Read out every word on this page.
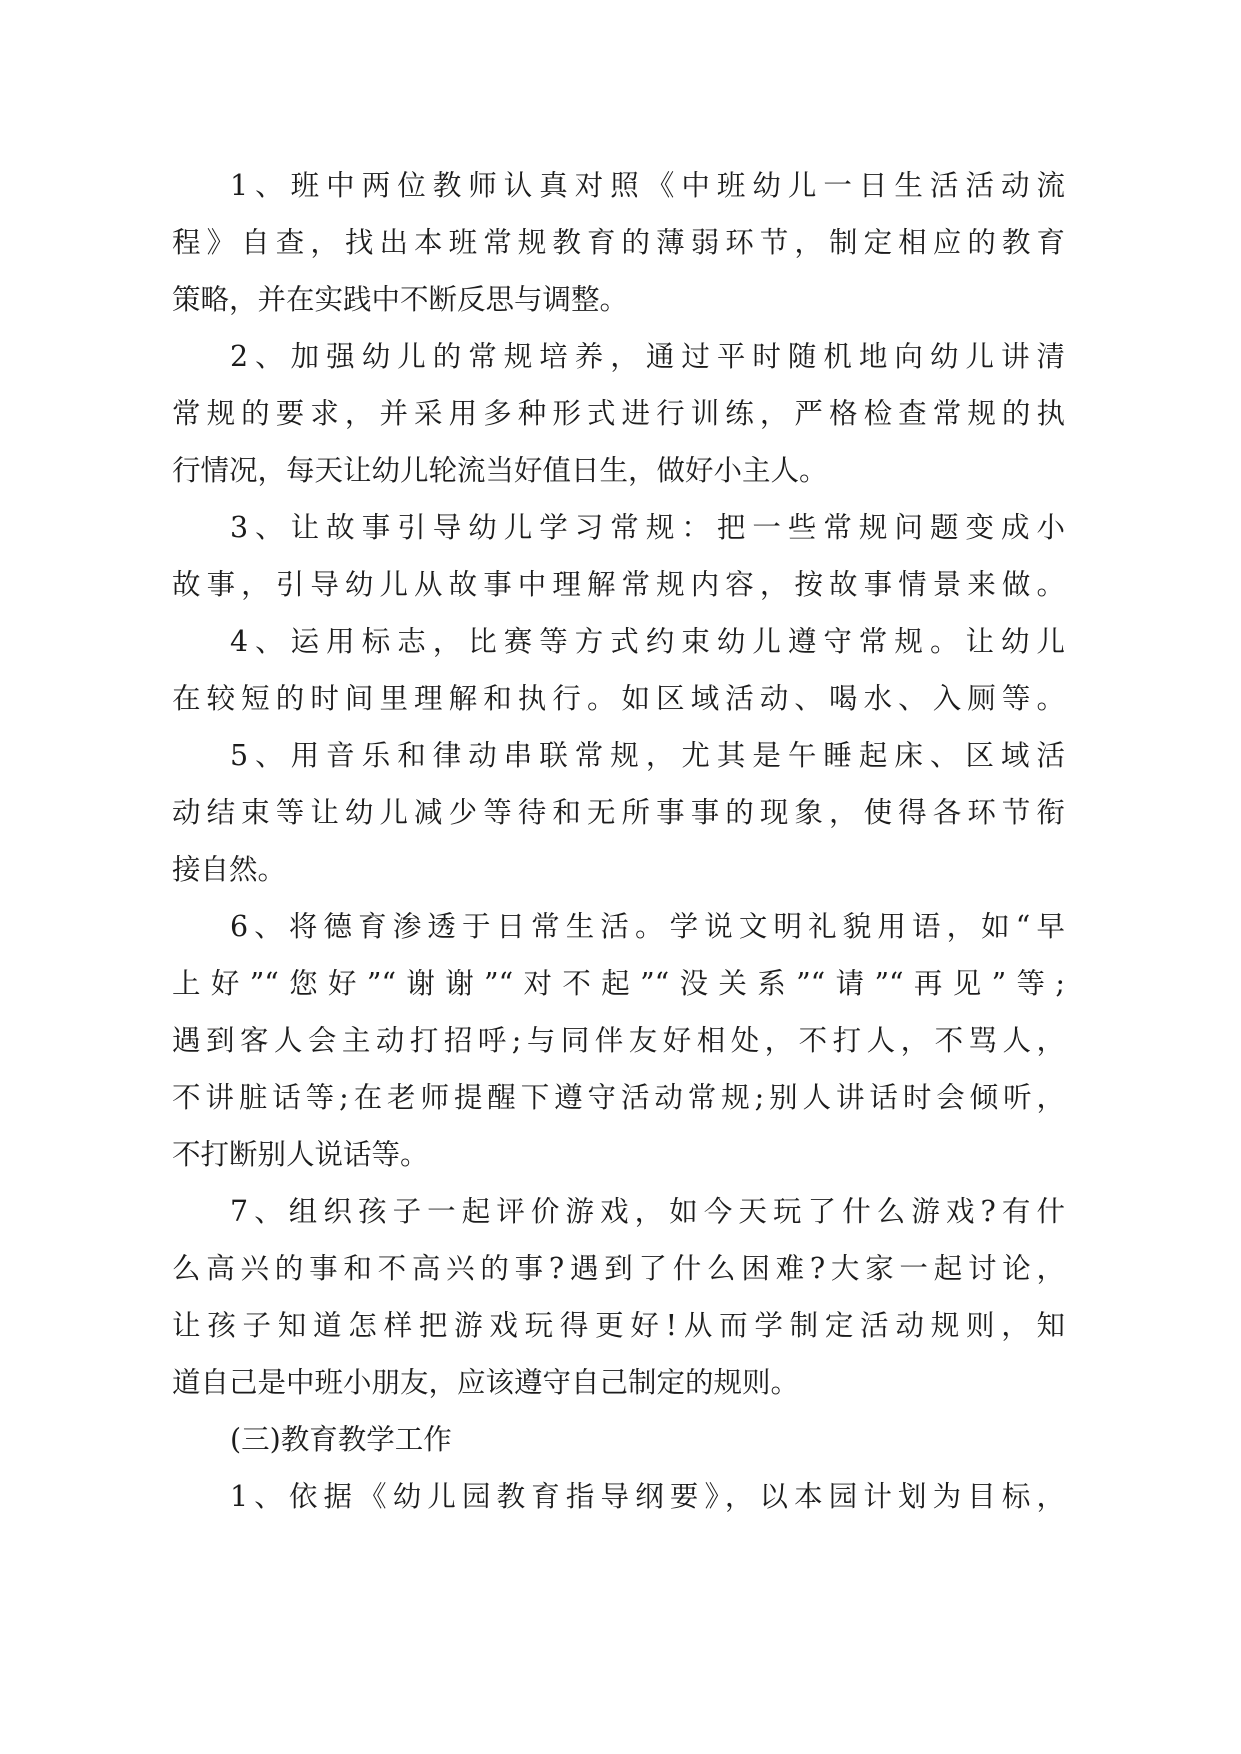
1、班中两位教师认真对照《中班幼儿一日生活活动流
程》自查，找出本班常规教育的薄弱环节，制定相应的教育
策略，并在实践中不断反思与调整。
2、加强幼儿的常规培养，通过平时随机地向幼儿讲清
常规的要求，并采用多种形式进行训练，严格检查常规的执
行情况，每天让幼儿轮流当好值日生，做好小主人。
3、让故事引导幼儿学习常规：把一些常规问题变成小
故事，引导幼儿从故事中理解常规内容，按故事情景来做。
4、运用标志，比赛等方式约束幼儿遵守常规。让幼儿
在较短的时间里理解和执行。如区域活动、喝水、入厕等。
5、用音乐和律动串联常规，尤其是午睡起床、区域活
动结束等让幼儿减少等待和无所事事的现象，使得各环节衔
接自然。
6、将德育渗透于日常生活。学说文明礼貌用语，如“早
上好”“您好”“谢谢”“对不起”“没关系”“请”“再见”等;
遇到客人会主动打招呼;与同伴友好相处，不打人，不骂人，
不讲脏话等;在老师提醒下遵守活动常规;别人讲话时会倾听，
不打断别人说话等。
7、组织孩子一起评价游戏，如今天玩了什么游戏?有什
么高兴的事和不高兴的事?遇到了什么困难?大家一起讨论，
让孩子知道怎样把游戏玩得更好!从而学制定活动规则，知
道自己是中班小朋友，应该遵守自己制定的规则。
(三)教育教学工作
1、依据《幼儿园教育指导纲要》，以本园计划为目标，
